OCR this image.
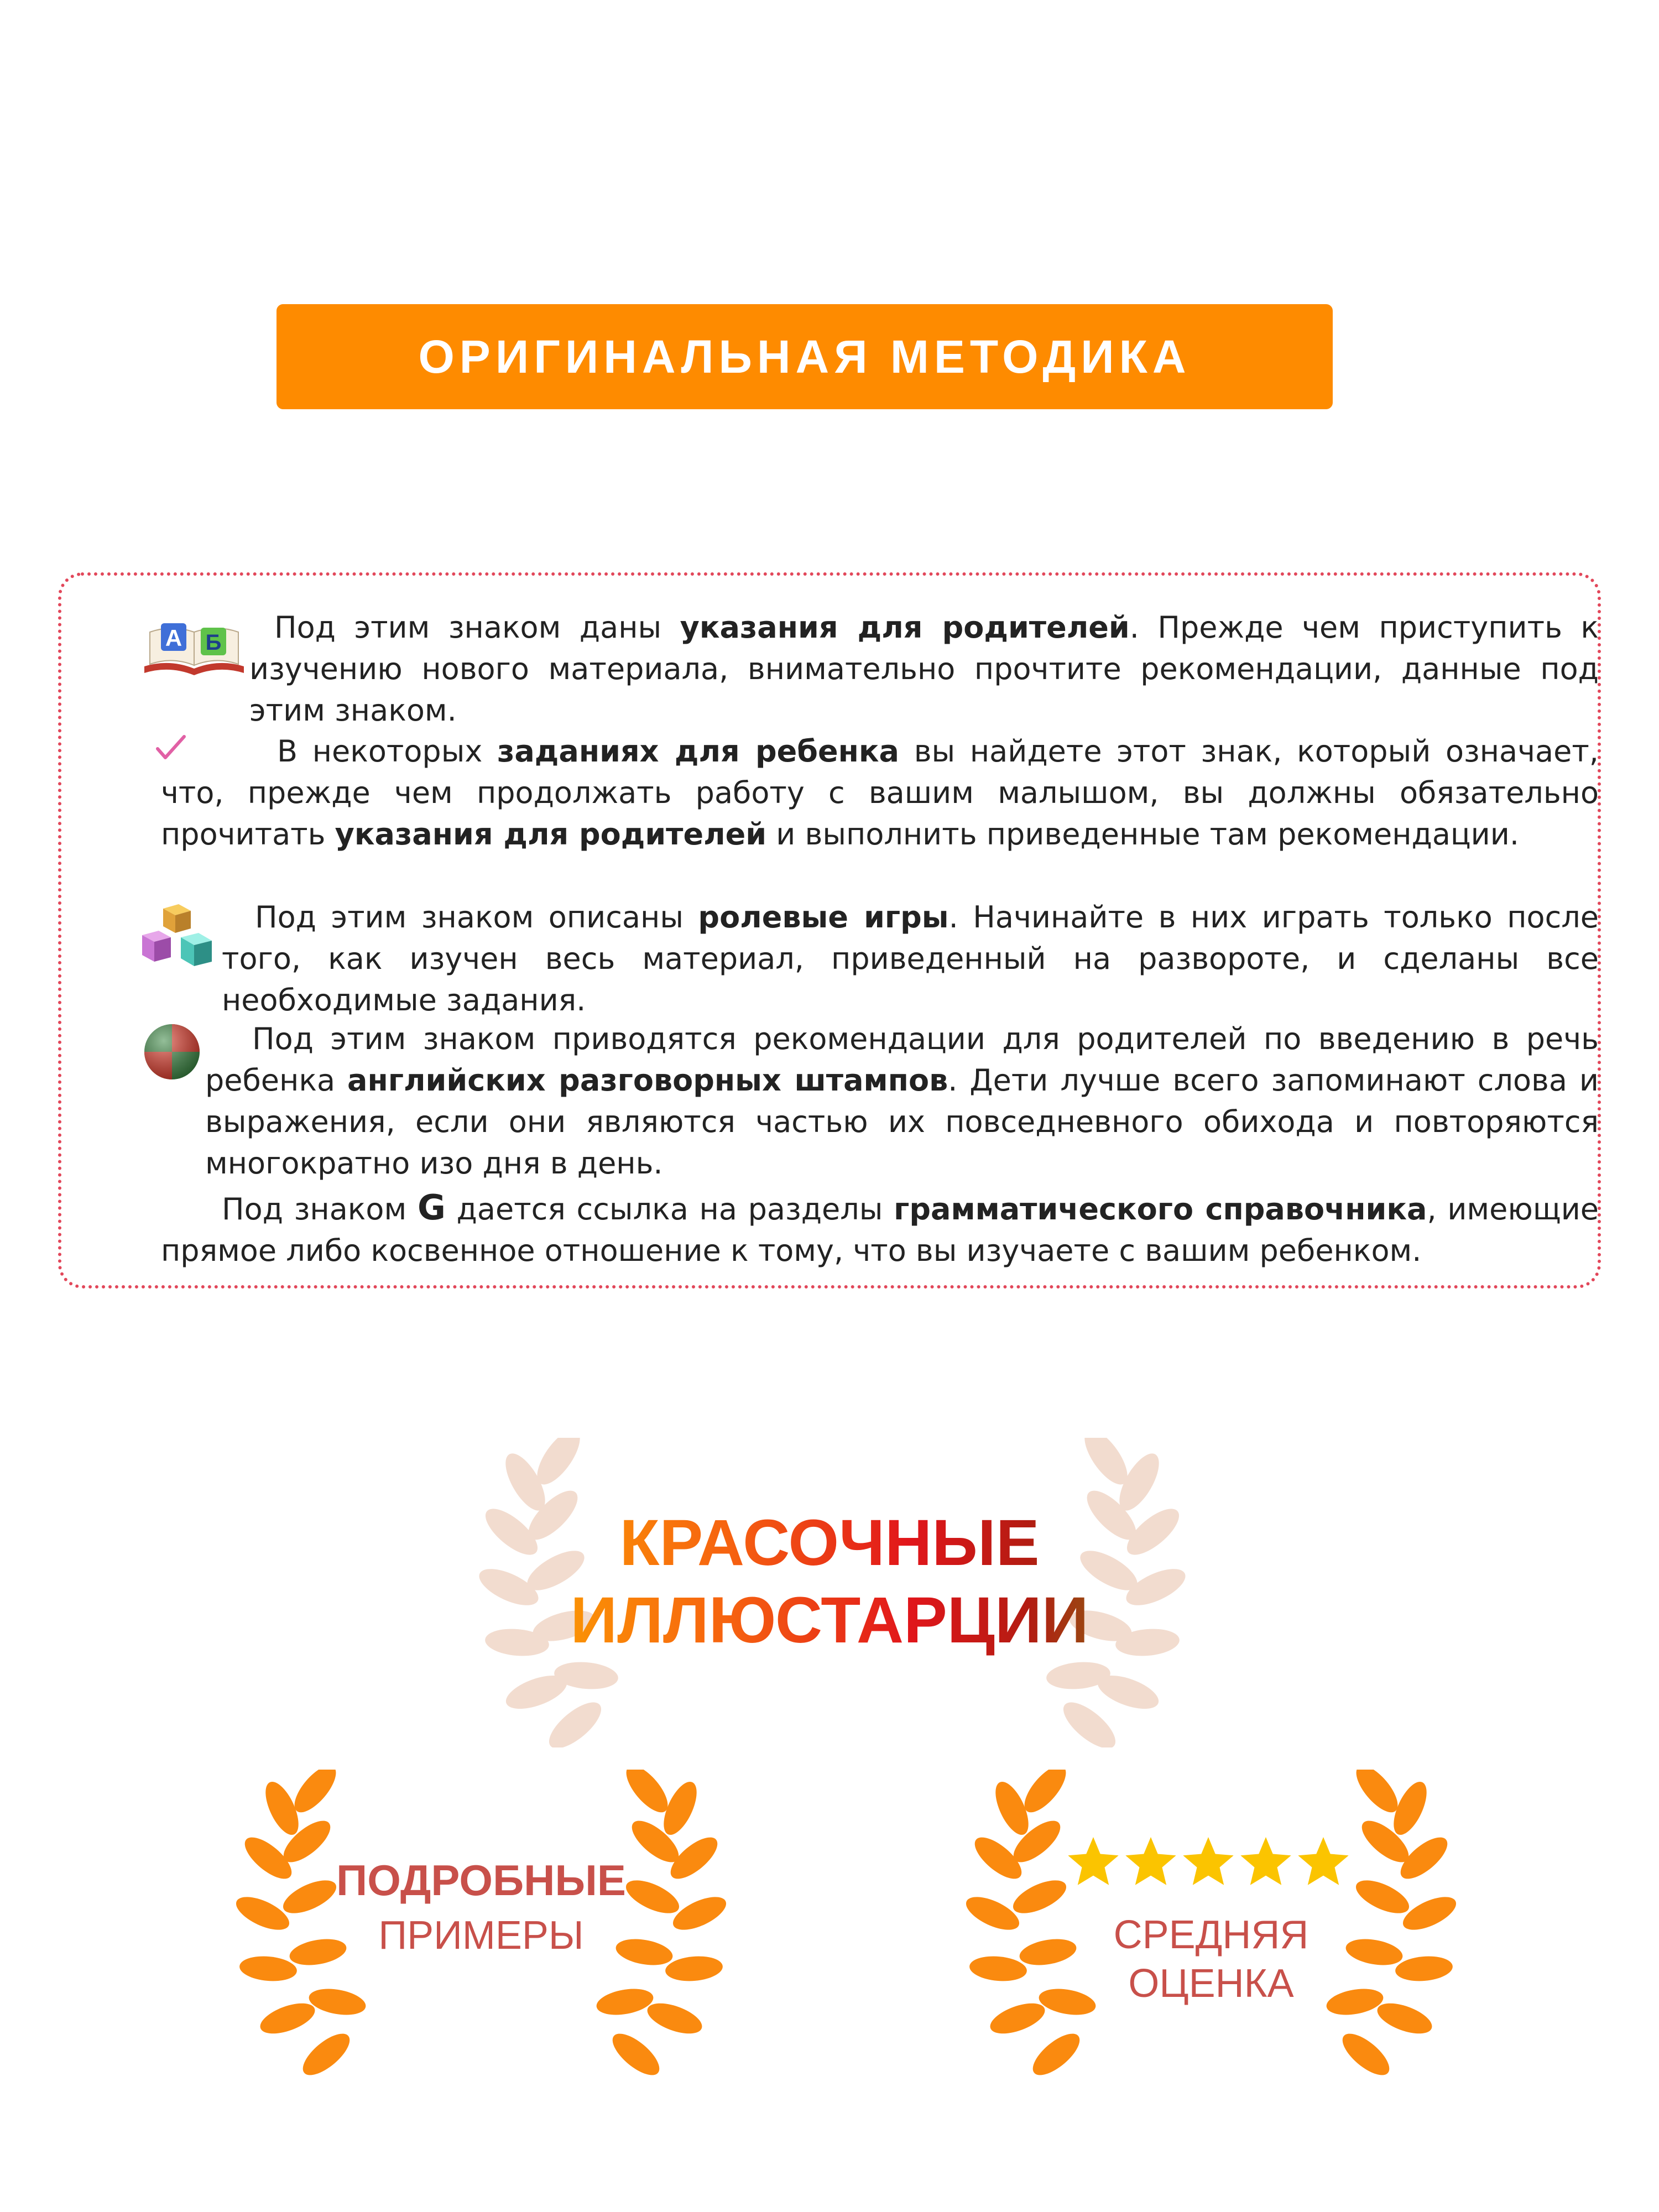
ОРИГИНАЛЬНАЯ МЕТОДИКА
A Б	Под этим знаком даны указания для родителей. Прежде чем приступить к изучению нового материала, внимательно прочтите рекомендации, данные под этим знаком.

В некоторых заданиях для ребенка вы найдете этот знак, который означает, что, прежде чем продолжать работу с вашим малышом, вы должны обязательно прочитать указания для родителей и выполнить приведенные там рекомендации.

Под этим знаком описаны ролевые игры. Начинайте в них играть только после того, как изучен весь материал, приведенный на развороте, и сделаны все необходимые задания.

Под этим знаком приводятся рекомендации для родителей по введению в речь ребенка английских разговорных штампов. Дети лучше всего запоминают слова и выражения, если они являются частью их повседневного обихода и повторяются многократно изо дня в день.

Под знаком G дается ссылка на разделы грамматического справочника, имеющие прямое либо косвенное отношение к тому, что вы изучаете с вашим ребенком.

КРАСОЧНЫЕ
ИЛЛЮСТАРЦИИ
ПОДРОБНЫЕ
ПРИМЕРЫ	СРЕДНЯЯ
ОЦЕНКА
